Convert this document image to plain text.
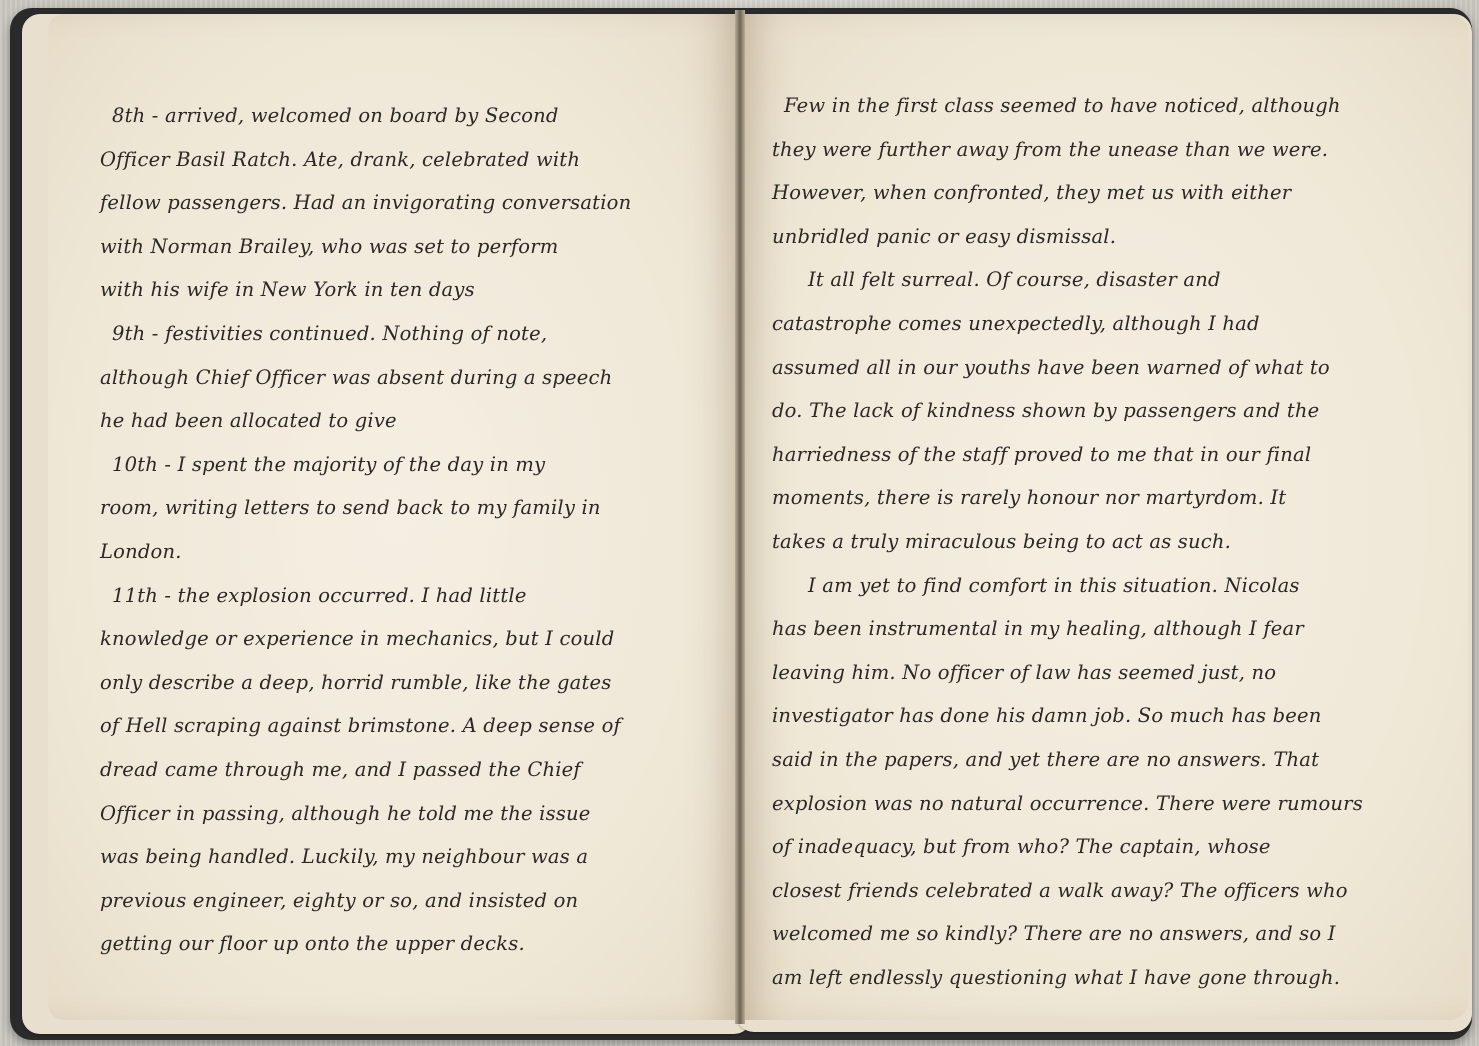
8th - arrived, welcomed on board by Second
Officer Basil Ratch. Ate, drank, celebrated with
fellow passengers. Had an invigorating conversation
with Norman Brailey, who was set to perform
with his wife in New York in ten days
9th - festivities continued. Nothing of note,
although Chief Officer was absent during a speech
he had been allocated to give
10th - I spent the majority of the day in my
room, writing letters to send back to my family in
London.
11th - the explosion occurred. I had little
knowledge or experience in mechanics, but I could
only describe a deep, horrid rumble, like the gates
of Hell scraping against brimstone. A deep sense of
dread came through me, and I passed the Chief
Officer in passing, although he told me the issue
was being handled. Luckily, my neighbour was a
previous engineer, eighty or so, and insisted on
getting our floor up onto the upper decks.
Few in the first class seemed to have noticed, although
they were further away from the unease than we were.
However, when confronted, they met us with either
unbridled panic or easy dismissal.
It all felt surreal. Of course, disaster and
catastrophe comes unexpectedly, although I had
assumed all in our youths have been warned of what to
do. The lack of kindness shown by passengers and the
harriedness of the staff proved to me that in our final
moments, there is rarely honour nor martyrdom. It
takes a truly miraculous being to act as such.
I am yet to find comfort in this situation. Nicolas
has been instrumental in my healing, although I fear
leaving him. No officer of law has seemed just, no
investigator has done his damn job. So much has been
said in the papers, and yet there are no answers. That
explosion was no natural occurrence. There were rumours
of inadequacy, but from who? The captain, whose
closest friends celebrated a walk away? The officers who
welcomed me so kindly? There are no answers, and so I
am left endlessly questioning what I have gone through.
